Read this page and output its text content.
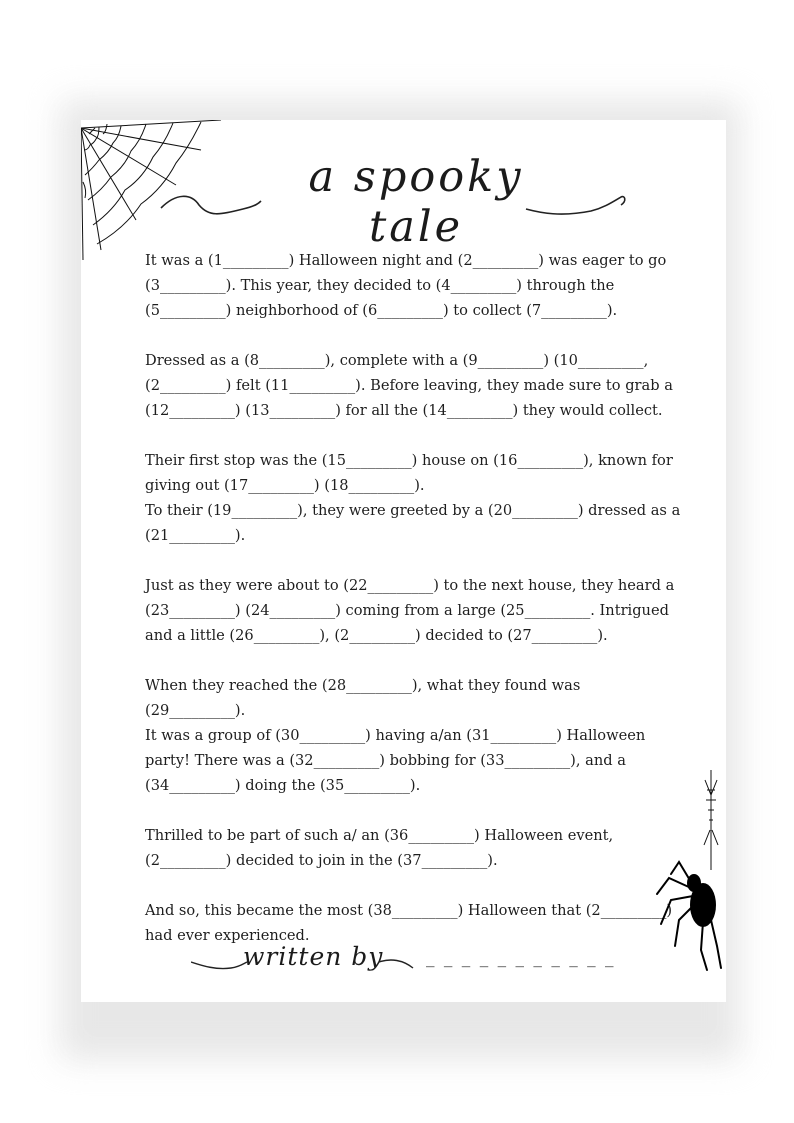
a spooky tale

It was a (1_________) Halloween night and (2_________) was eager to go
(3_________). This year, they decided to (4_________) through the
(5_________) neighborhood of (6_________) to collect (7_________).

Dressed as a (8_________), complete with a (9_________) (10_________,
(2_________) felt (11_________). Before leaving, they made sure to grab a
(12_________) (13_________) for all the (14_________) they would collect.

Their first stop was the (15_________) house on (16_________), known for
giving out (17_________) (18_________).
To their (19_________), they were greeted by a (20_________) dressed as a
(21_________).

Just as they were about to (22_________) to the next house, they heard a
(23_________) (24_________) coming from a large (25_________. Intrigued
and a little (26_________), (2_________) decided to (27_________).

When they reached the (28_________), what they found was (29_________).
It was a group of (30_________) having a/an (31_________) Halloween
party! There was a (32_________) bobbing for (33_________), and a
(34_________) doing the (35_________).

Thrilled to be part of such a/ an (36_________) Halloween event,
(2_________) decided to join in the (37_________).

And so, this became the most (38_________) Halloween that (2_________)
had ever experienced.

written by	_ _ _ _ _ _ _ _ _ _ _
